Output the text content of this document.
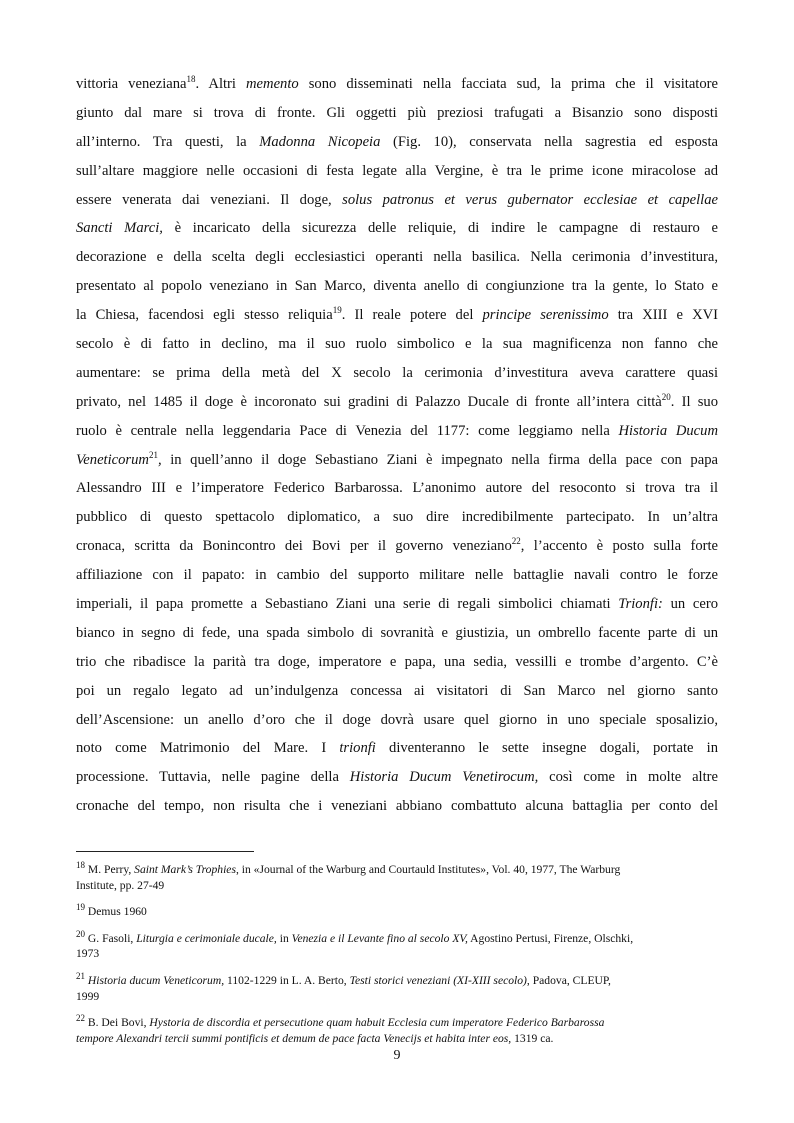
vittoria veneziana$^{18}$. Altri memento sono disseminati nella facciata sud, la prima che il visitatore
giunto dal mare si trova di fronte. Gli oggetti più preziosi trafugati a Bisanzio sono disposti
all’interno. Tra questi, la Madonna Nicopeia (Fig. 10), conservata nella sagrestia ed esposta
sull’altare maggiore nelle occasioni di festa legate alla Vergine, è tra le prime icone miracolose ad
essere venerata dai veneziani. Il doge, solus patronus et verus gubernator ecclesiae et capellae
Sancti Marci, è incaricato della sicurezza delle reliquie, di indire le campagne di restauro e
decorazione e della scelta degli ecclesiastici operanti nella basilica. Nella cerimonia d’investitura,
presentato al popolo veneziano in San Marco, diventa anello di congiunzione tra la gente, lo Stato e
la Chiesa, facendosi egli stesso reliquia$^{19}$. Il reale potere del principe serenissimo tra XIII e XVI
secolo è di fatto in declino, ma il suo ruolo simbolico e la sua magnificenza non fanno che
aumentare: se prima della metà del X secolo la cerimonia d’investitura aveva carattere quasi
privato, nel 1485 il doge è incoronato sui gradini di Palazzo Ducale di fronte all’intera città$^{20}$. Il suo
ruolo è centrale nella leggendaria Pace di Venezia del 1177: come leggiamo nella Historia Ducum
Veneticorum$^{21}$, in quell’anno il doge Sebastiano Ziani è impegnato nella firma della pace con papa
Alessandro III e l’imperatore Federico Barbarossa. L’anonimo autore del resoconto si trova tra il
pubblico di questo spettacolo diplomatico, a suo dire incredibilmente partecipato. In un’altra
cronaca, scritta da Bonincontro dei Bovi per il governo veneziano$^{22}$, l’accento è posto sulla forte
affiliazione con il papato: in cambio del supporto militare nelle battaglie navali contro le forze
imperiali, il papa promette a Sebastiano Ziani una serie di regali simbolici chiamati Trionfi: un cero
bianco in segno di fede, una spada simbolo di sovranità e giustizia, un ombrello facente parte di un
trio che ribadisce la parità tra doge, imperatore e papa, una sedia, vessilli e trombe d’argento. C’è
poi un regalo legato ad un’indulgenza concessa ai visitatori di San Marco nel giorno santo
dell’Ascensione: un anello d’oro che il doge dovrà usare quel giorno in uno speciale sposalizio,
noto come Matrimonio del Mare. I trionfi diventeranno le sette insegne dogali, portate in
processione. Tuttavia, nelle pagine della Historia Ducum Venetirocum, così come in molte altre
cronache del tempo, non risulta che i veneziani abbiano combattuto alcuna battaglia per conto del
$^{18}$ M. Perry, Saint Mark’s Trophies, in «Journal of the Warburg and Courtauld Institutes», Vol. 40, 1977, The Warburg
Institute, pp. 27-49
$^{19}$ Demus 1960
$^{20}$ G. Fasoli, Liturgia e cerimoniale ducale, in Venezia e il Levante fino al secolo XV, Agostino Pertusi, Firenze, Olschki,
1973
$^{21}$ Historia ducum Veneticorum, 1102-1229 in L. A. Berto, Testi storici veneziani (XI-XIII secolo), Padova, CLEUP,
1999
$^{22}$ B. Dei Bovi, Hystoria de discordia et persecutione quam habuit Ecclesia cum imperatore Federico Barbarossa
tempore Alexandri tercii summi pontificis et demum de pace facta Venecijs et habita inter eos, 1319 ca.
9
